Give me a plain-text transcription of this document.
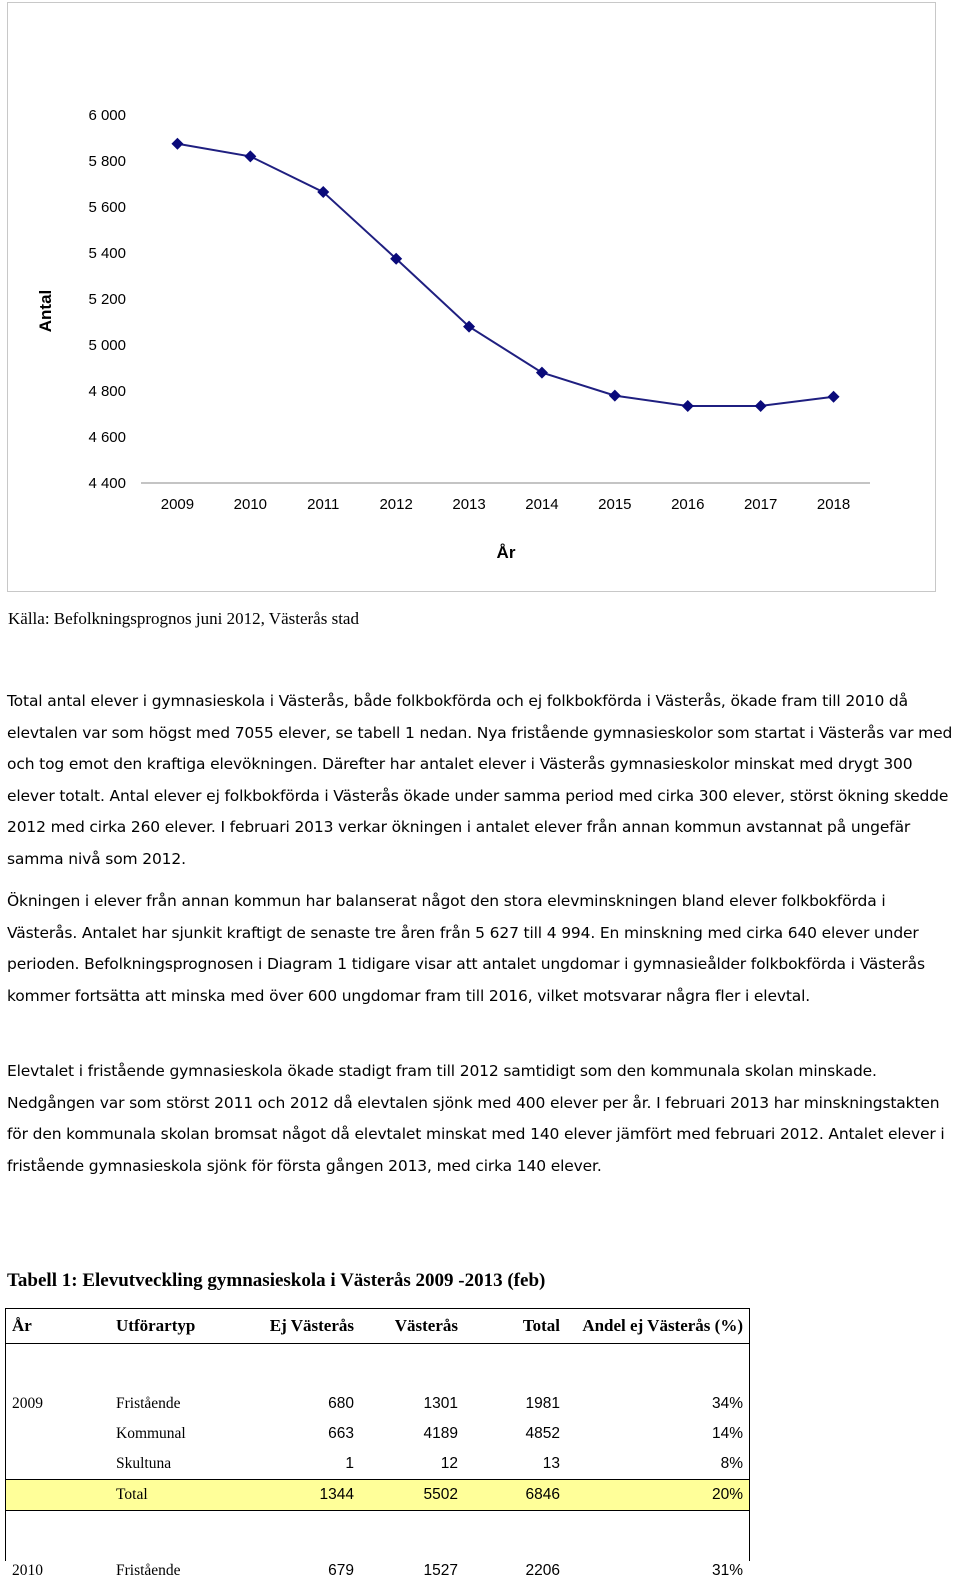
Antal
År
6 000
5 800
5 600
5 400
5 200
5 000
4 800
4 600
4 400
2009	2010	2011	2012	2013	2014	2015	2016	2017	2018

Källa: Befolkningsprognos juni 2012, Västerås stad

Total antal elever i gymnasieskola i Västerås, både folkbokförda och ej folkbokförda i Västerås, ökade fram till 2010 då elevtalen var som högst med 7055 elever, se tabell 1 nedan. Nya fristående gymnasieskolor som startat i Västerås var med och tog emot den kraftiga elevökningen. Därefter har antalet elever i Västerås gymnasieskolor minskat med drygt 300 elever totalt. Antal elever ej folkbokförda i Västerås ökade under samma period med cirka 300 elever, störst ökning skedde 2012 med cirka 260 elever. I februari 2013 verkar ökningen i antalet elever från annan kommun avstannat på ungefär samma nivå som 2012.

Ökningen i elever från annan kommun har balanserat något den stora elevminskningen bland elever folkbokförda i Västerås. Antalet har sjunkit kraftigt de senaste tre åren från 5 627 till 4 994. En minskning med cirka 640 elever under perioden. Befolkningsprognosen i Diagram 1 tidigare visar att antalet ungdomar i gymnasieålder folkbokförda i Västerås kommer fortsätta att minska med över 600 ungdomar fram till 2016, vilket motsvarar några fler i elevtal.

Elevtalet i fristående gymnasieskola ökade stadigt fram till 2012 samtidigt som den kommunala skolan minskade. Nedgången var som störst 2011 och 2012 då elevtalen sjönk med 400 elever per år. I februari 2013 har minskningstakten för den kommunala skolan bromsat något då elevtalet minskat med 140 elever jämfört med februari 2012. Antalet elever i fristående gymnasieskola sjönk för första gången 2013, med cirka 140 elever.

Tabell 1: Elevutveckling gymnasieskola i Västerås 2009 -2013 (feb)

År	Utförartyp	Ej Västerås	Västerås	Total	Andel ej Västerås (%)

2009	Fristående	680	1301	1981	34%
	Kommunal	663	4189	4852	14%
	Skultuna	1	12	13	8%
	Total	1344	5502	6846	20%

2010	Fristående	679	1527	2206	31%
